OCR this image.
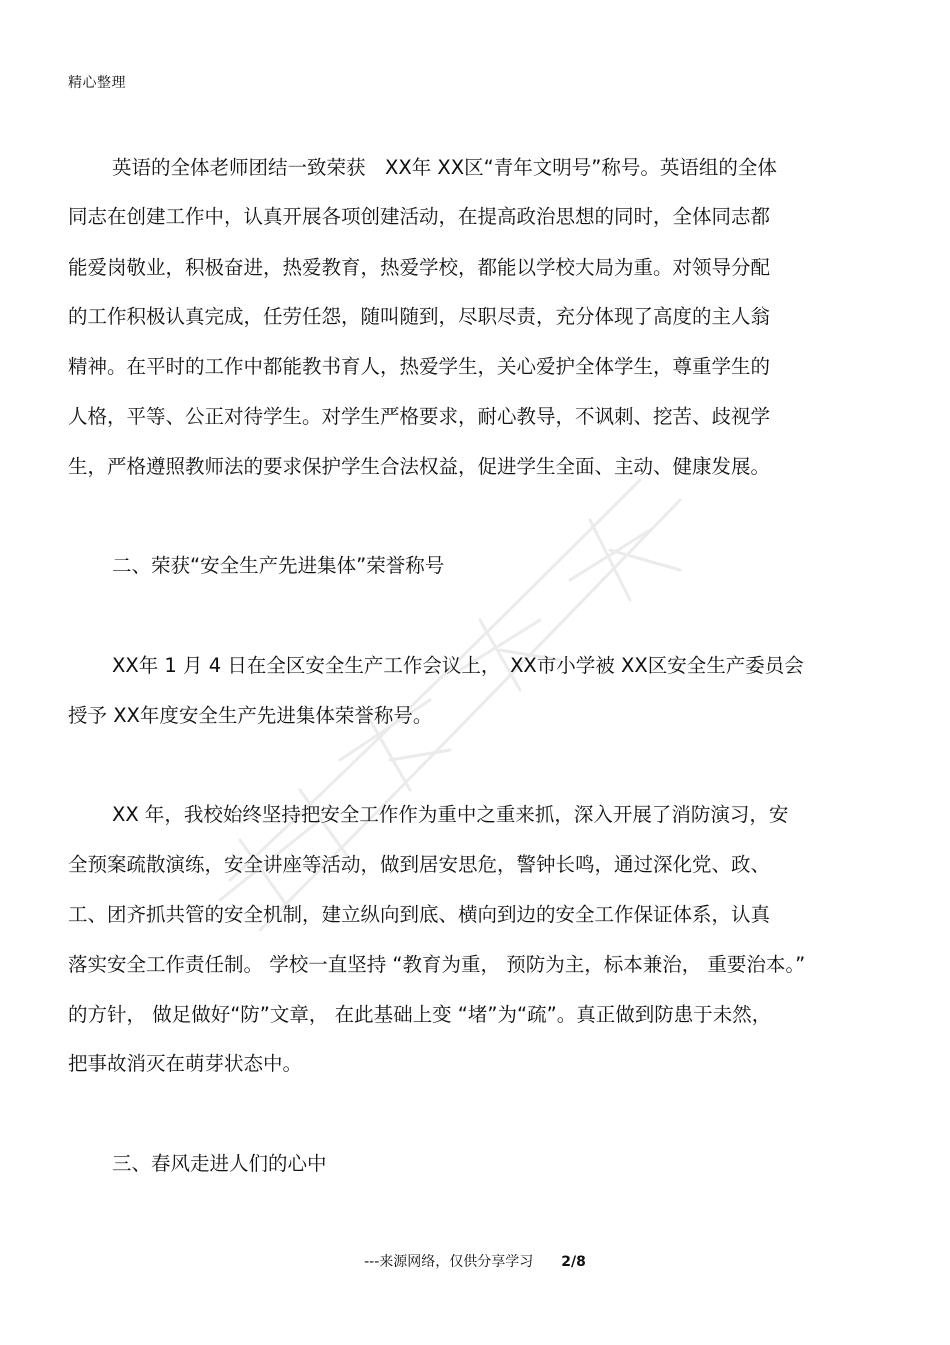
精心整理
英语的全体老师团结一致荣获　XX年 XX区“青年文明号”称号。英语组的全体
同志在创建工作中，认真开展各项创建活动，在提高政治思想的同时，全体同志都
能爱岗敬业，积极奋进，热爱教育，热爱学校，都能以学校大局为重。对领导分配
的工作积极认真完成，任劳任怨，随叫随到，尽职尽责，充分体现了高度的主人翁
精神。在平时的工作中都能教书育人，热爱学生，关心爱护全体学生，尊重学生的
人格，平等、公正对待学生。对学生严格要求，耐心教导，不讽刺、挖苦、歧视学
生，严格遵照教师法的要求保护学生合法权益，促进学生全面、主动、健康发展。
二、荣获“安全生产先进集体”荣誉称号
XX年 1 月 4 日在全区安全生产工作会议上，　XX市小学被 XX区安全生产委员会
授予 XX年度安全生产先进集体荣誉称号。
XX 年，我校始终坚持把安全工作作为重中之重来抓，深入开展了消防演习，安
全预案疏散演练，安全讲座等活动，做到居安思危，警钟长鸣，通过深化党、政、
工、团齐抓共管的安全机制，建立纵向到底、横向到边的安全工作保证体系，认真
落实安全工作责任制。 学校一直坚持 “教育为重， 预防为主，标本兼治， 重要治本。”
的方针， 做足做好“防”文章， 在此基础上变 “堵”为“疏”。真正做到防患于未然，
把事故消灭在萌芽状态中。
三、春风走进人们的心中
---来源网络，仅供分享学习 2/8
